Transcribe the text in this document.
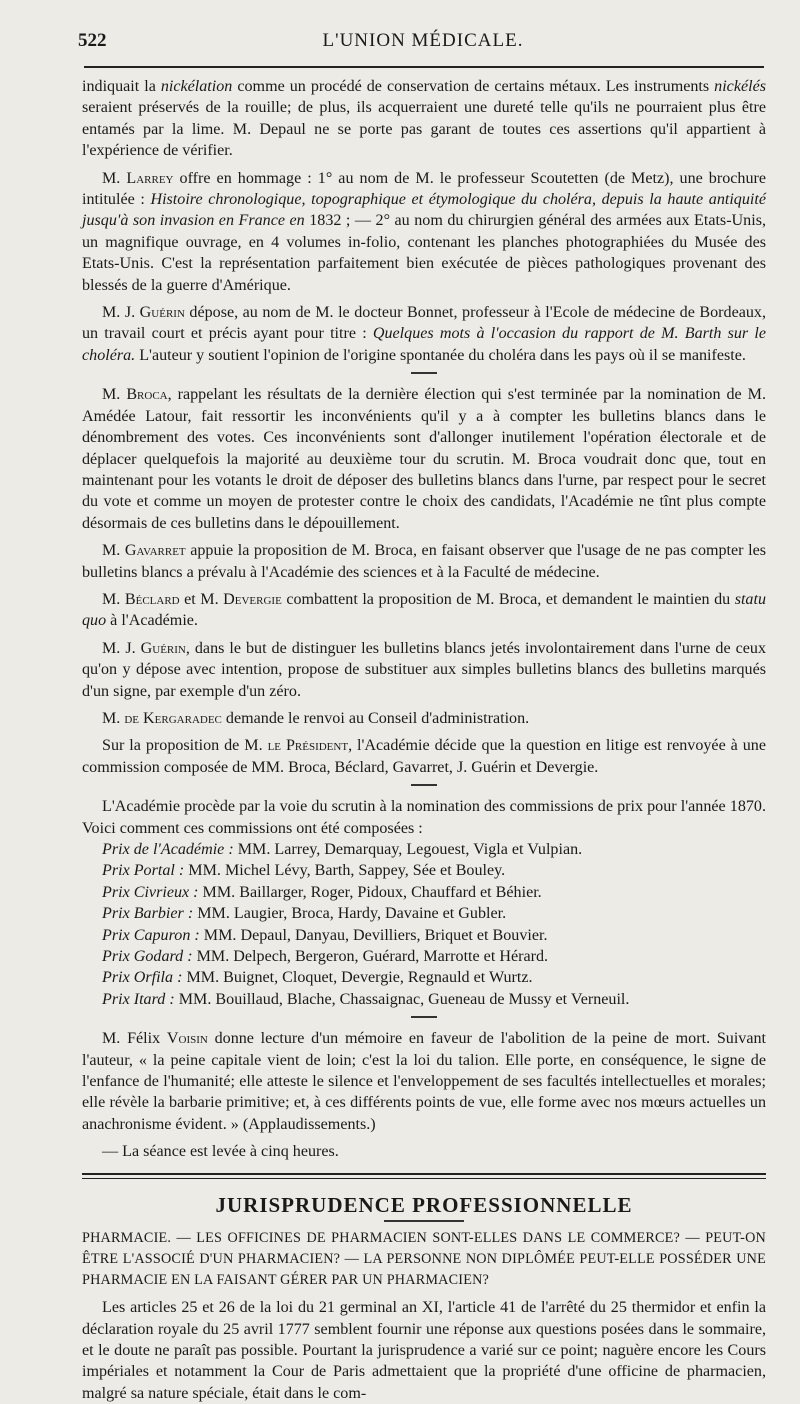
522	L'UNION MÉDICALE.

indiquait la nickélation comme un procédé de conservation de certains métaux. Les instruments nickélés seraient préservés de la rouille; de plus, ils acquerraient une dureté telle qu'ils ne pourraient plus être entamés par la lime. M. Depaul ne se porte pas garant de toutes ces assertions qu'il appartient à l'expérience de vérifier.

M. Larrey offre en hommage : 1° au nom de M. le professeur Scoutetten (de Metz), une brochure intitulée : Histoire chronologique, topographique et étymologique du choléra, depuis la haute antiquité jusqu'à son invasion en France en 1832 ; — 2° au nom du chirurgien général des armées aux Etats-Unis, un magnifique ouvrage, en 4 volumes in-folio, contenant les planches photographiées du Musée des Etats-Unis. C'est la représentation parfaitement bien exécutée de pièces pathologiques provenant des blessés de la guerre d'Amérique.

M. J. Guérin dépose, au nom de M. le docteur Bonnet, professeur à l'Ecole de médecine de Bordeaux, un travail court et précis ayant pour titre : Quelques mots à l'occasion du rapport de M. Barth sur le choléra. L'auteur y soutient l'opinion de l'origine spontanée du choléra dans les pays où il se manifeste.

M. Broca, rappelant les résultats de la dernière élection qui s'est terminée par la nomination de M. Amédée Latour, fait ressortir les inconvénients qu'il y a à compter les bulletins blancs dans le dénombrement des votes. Ces inconvénients sont d'allonger inutilement l'opération électorale et de déplacer quelquefois la majorité au deuxième tour du scrutin. M. Broca voudrait donc que, tout en maintenant pour les votants le droit de déposer des bulletins blancs dans l'urne, par respect pour le secret du vote et comme un moyen de protester contre le choix des candidats, l'Académie ne tînt plus compte désormais de ces bulletins dans le dépouillement.

M. Gavarret appuie la proposition de M. Broca, en faisant observer que l'usage de ne pas compter les bulletins blancs a prévalu à l'Académie des sciences et à la Faculté de médecine.

M. Béclard et M. Devergie combattent la proposition de M. Broca, et demandent le maintien du statu quo à l'Académie.

M. J. Guérin, dans le but de distinguer les bulletins blancs jetés involontairement dans l'urne de ceux qu'on y dépose avec intention, propose de substituer aux simples bulletins blancs des bulletins marqués d'un signe, par exemple d'un zéro.

M. de Kergaradec demande le renvoi au Conseil d'administration.

Sur la proposition de M. le Président, l'Académie décide que la question en litige est renvoyée à une commission composée de MM. Broca, Béclard, Gavarret, J. Guérin et Devergie.

L'Académie procède par la voie du scrutin à la nomination des commissions de prix pour l'année 1870. Voici comment ces commissions ont été composées :

Prix de l'Académie : MM. Larrey, Demarquay, Legouest, Vigla et Vulpian.

Prix Portal : MM. Michel Lévy, Barth, Sappey, Sée et Bouley.

Prix Civrieux : MM. Baillarger, Roger, Pidoux, Chauffard et Béhier.

Prix Barbier : MM. Laugier, Broca, Hardy, Davaine et Gubler.

Prix Capuron : MM. Depaul, Danyau, Devilliers, Briquet et Bouvier.

Prix Godard : MM. Delpech, Bergeron, Guérard, Marrotte et Hérard.

Prix Orfila : MM. Buignet, Cloquet, Devergie, Regnauld et Wurtz.

Prix Itard : MM. Bouillaud, Blache, Chassaignac, Gueneau de Mussy et Verneuil.

M. Félix Voisin donne lecture d'un mémoire en faveur de l'abolition de la peine de mort. Suivant l'auteur, « la peine capitale vient de loin; c'est la loi du talion. Elle porte, en conséquence, le signe de l'enfance de l'humanité; elle atteste le silence et l'enveloppement de ses facultés intellectuelles et morales; elle révèle la barbarie primitive; et, à ces différents points de vue, elle forme avec nos mœurs actuelles un anachronisme évident. » (Applaudissements.)

— La séance est levée à cinq heures.

JURISPRUDENCE PROFESSIONNELLE

PHARMACIE. — LES OFFICINES DE PHARMACIEN SONT-ELLES DANS LE COMMERCE? — PEUT-ON ÊTRE L'ASSOCIÉ D'UN PHARMACIEN? — LA PERSONNE NON DIPLÔMÉE PEUT-ELLE POSSÉDER UNE PHARMACIE EN LA FAISANT GÉRER PAR UN PHARMACIEN?

Les articles 25 et 26 de la loi du 21 germinal an XI, l'article 41 de l'arrêté du 25 thermidor et enfin la déclaration royale du 25 avril 1777 semblent fournir une réponse aux questions posées dans le sommaire, et le doute ne paraît pas possible. Pourtant la jurisprudence a varié sur ce point; naguère encore les Cours impériales et notamment la Cour de Paris admettaient que la propriété d'une officine de pharmacien, malgré sa nature spéciale, était dans le com-
